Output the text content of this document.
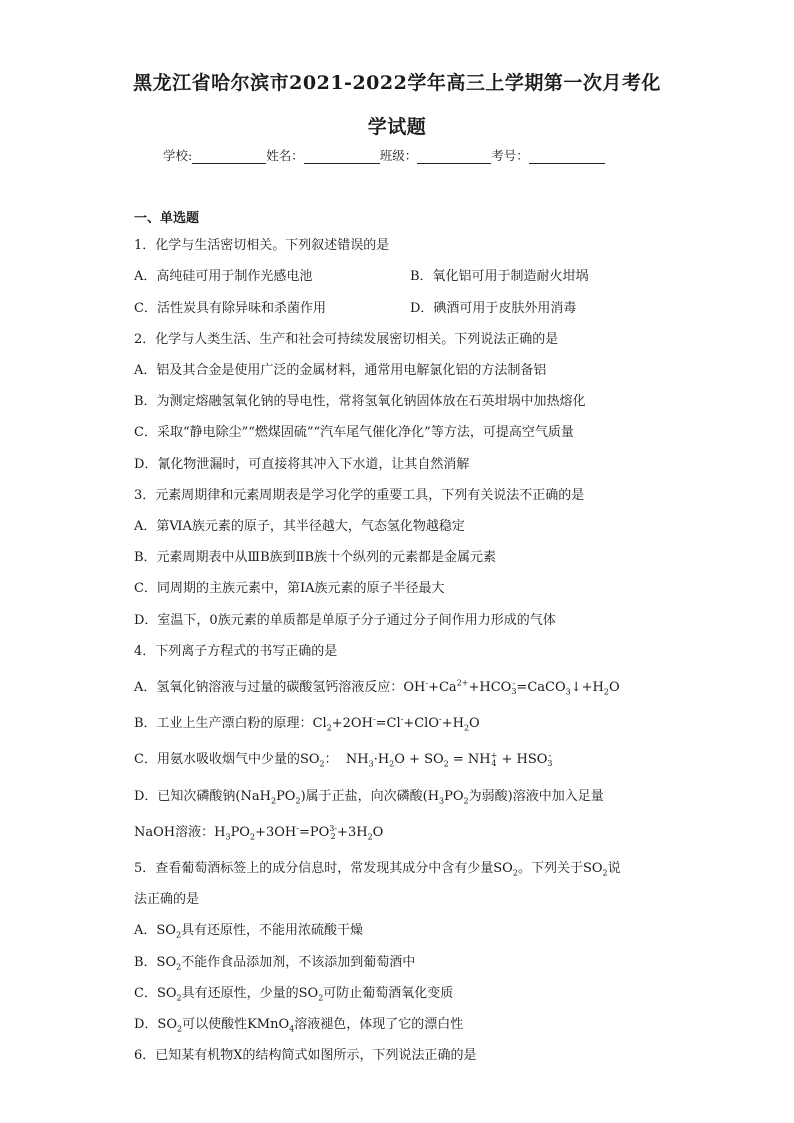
黑龙江省哈尔滨市2021-2022学年高三上学期第一次月考化
学试题
学校:	姓名：	班级：	考号：
一、单选题
1．化学与生活密切相关。下列叙述错误的是
A．高纯硅可用于制作光感电池	B．氧化铝可用于制造耐火坩埚
C．活性炭具有除异味和杀菌作用	D．碘酒可用于皮肤外用消毒
2．化学与人类生活、生产和社会可持续发展密切相关。下列说法正确的是
A．铝及其合金是使用广泛的金属材料，通常用电解氯化铝的方法制备铝
B．为测定熔融氢氧化钠的导电性，常将氢氧化钠固体放在石英坩埚中加热熔化
C．采取“静电除尘”“燃煤固硫”“汽车尾气催化净化”等方法，可提高空气质量
D．氰化物泄漏时，可直接将其冲入下水道，让其自然消解
3．元素周期律和元素周期表是学习化学的重要工具，下列有关说法不正确的是
A．第ⅥA族元素的原子，其半径越大，气态氢化物越稳定
B．元素周期表中从ⅢB族到ⅡB族十个纵列的元素都是金属元素
C．同周期的主族元素中，第ⅠA族元素的原子半径最大
D．室温下，0族元素的单质都是单原子分子通过分子间作用力形成的气体
4．下列离子方程式的书写正确的是
A．氢氧化钠溶液与过量的碳酸氢钙溶液反应：$OH^-+Ca^{2+}+HCO-$
$3=CaCO_3↓+H_2O$
B．工业上生产漂白粉的原理：$Cl_2+2OH^-=Cl^-+ClO^-+H_2O$
C．用氨水吸收烟气中少量的$SO_2$：  $NH_3\cdot H_2O + SO_2 = NH+$
4 + HSO-
3
D．已知次磷酸钠$(NaH_2PO_2)$属于正盐，向次磷酸($H_3PO_2$为弱酸)溶液中加入足量
NaOH溶液：$H_3PO_2+3OH^-=PO3-$
$2+3H_2O$
5．查看葡萄酒标签上的成分信息时，常发现其成分中含有少量$SO_2$。下列关于$SO_2$说
法正确的是
A．$SO_2$具有还原性，不能用浓硫酸干燥
B．$SO_2$不能作食品添加剂，不该添加到葡萄酒中
C．$SO_2$具有还原性，少量的$SO_2$可防止葡萄酒氧化变质
D．$SO_2$可以使酸性KMnO$_4$溶液褪色，体现了它的漂白性
6．已知某有机物X的结构简式如图所示，下列说法正确的是
